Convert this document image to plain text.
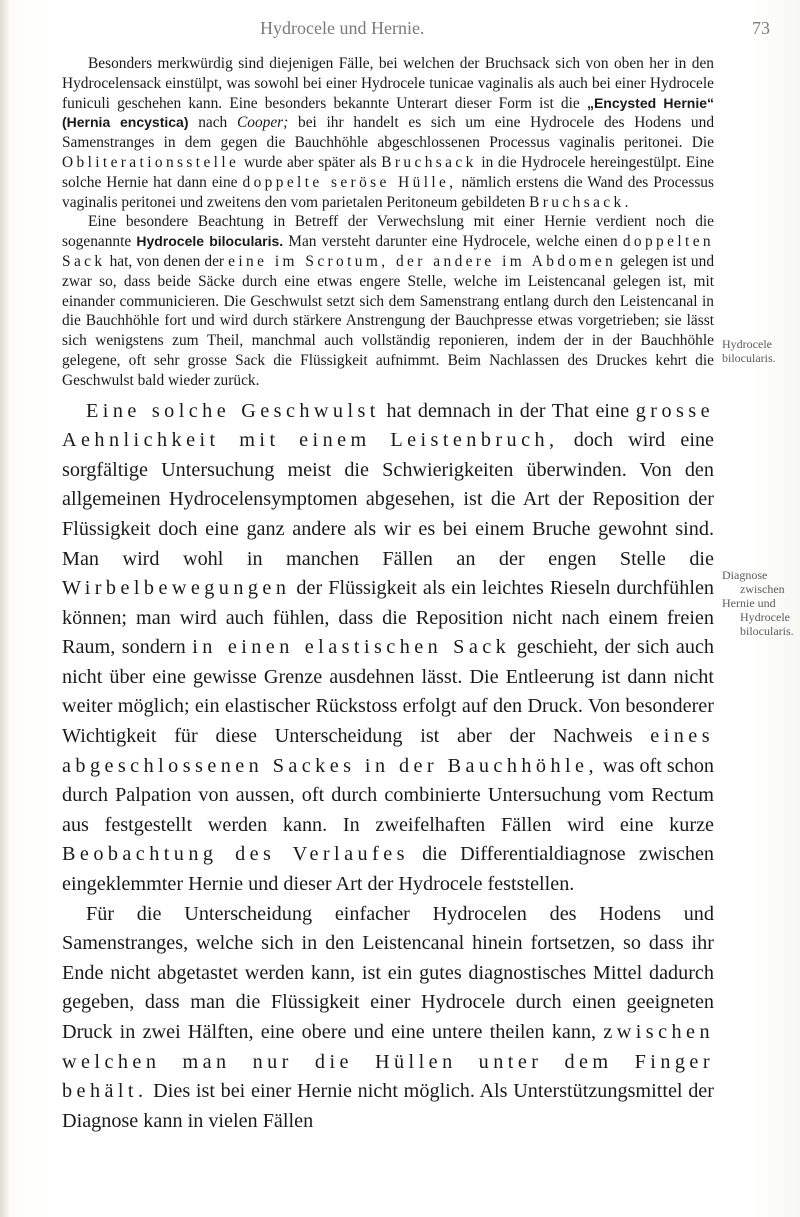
Hydrocele und Hernie.	73

Besonders merkwürdig sind diejenigen Fälle, bei welchen der Bruchsack sich von oben her in den Hydrocelensack einstülpt, was sowohl bei einer Hydrocele tunicae vaginalis als auch bei einer Hydrocele funiculi geschehen kann. Eine besonders bekannte Unterart dieser Form ist die „Encysted Hernie“ (Hernia encystica) nach Cooper; bei ihr handelt es sich um eine Hydrocele des Hodens und Samenstranges in dem gegen die Bauchhöhle abgeschlossenen Processus vaginalis peritonei. Die Obliterationsstelle wurde aber später als Bruchsack in die Hydrocele hereingestülpt. Eine solche Hernie hat dann eine doppelte seröse Hülle, nämlich erstens die Wand des Processus vaginalis peritonei und zweitens den vom parietalen Peritoneum gebildeten Bruchsack.

Eine besondere Beachtung in Betreff der Verwechslung mit einer Hernie verdient noch die sogenannte Hydrocele bilocularis. Man versteht darunter eine Hydrocele, welche einen doppelten Sack hat, von denen der eine im Scrotum, der andere im Abdomen gelegen ist und zwar so, dass beide Säcke durch eine etwas engere Stelle, welche im Leistencanal gelegen ist, mit einander communicieren. Die Geschwulst setzt sich dem Samenstrang entlang durch den Leistencanal in die Bauchhöhle fort und wird durch stärkere Anstrengung der Bauchpresse etwas vorgetrieben; sie lässt sich wenigstens zum Theil, manchmal auch vollständig reponieren, indem der in der Bauchhöhle gelegene, oft sehr grosse Sack die Flüssigkeit aufnimmt. Beim Nachlassen des Druckes kehrt die Geschwulst bald wieder zurück.

Eine solche Geschwulst hat demnach in der That eine grosse Aehnlichkeit mit einem Leistenbruch, doch wird eine sorgfältige Untersuchung meist die Schwierigkeiten überwinden. Von den allgemeinen Hydrocelensymptomen abgesehen, ist die Art der Reposition der Flüssigkeit doch eine ganz andere als wir es bei einem Bruche gewohnt sind. Man wird wohl in manchen Fällen an der engen Stelle die Wirbelbewegungen der Flüssigkeit als ein leichtes Rieseln durchfühlen können; man wird auch fühlen, dass die Reposition nicht nach einem freien Raum, sondern in einen elastischen Sack geschieht, der sich auch nicht über eine gewisse Grenze ausdehnen lässt. Die Entleerung ist dann nicht weiter möglich; ein elastischer Rückstoss erfolgt auf den Druck. Von besonderer Wichtigkeit für diese Unterscheidung ist aber der Nachweis eines abgeschlossenen Sackes in der Bauchhöhle, was oft schon durch Palpation von aussen, oft durch combinierte Untersuchung vom Rectum aus festgestellt werden kann. In zweifelhaften Fällen wird eine kurze Beobachtung des Verlaufes die Differentialdiagnose zwischen eingeklemmter Hernie und dieser Art der Hydrocele feststellen.

Für die Unterscheidung einfacher Hydrocelen des Hodens und Samenstranges, welche sich in den Leistencanal hinein fortsetzen, so dass ihr Ende nicht abgetastet werden kann, ist ein gutes diagnostisches Mittel dadurch gegeben, dass man die Flüssigkeit einer Hydrocele durch einen geeigneten Druck in zwei Hälften, eine obere und eine untere theilen kann, zwischen welchen man nur die Hüllen unter dem Finger behält. Dies ist bei einer Hernie nicht möglich. Als Unterstützungsmittel der Diagnose kann in vielen Fällen

Hydrocele
bilocularis.
Diagnose
zwischen
Hernie und
Hydrocele
bilocularis.
